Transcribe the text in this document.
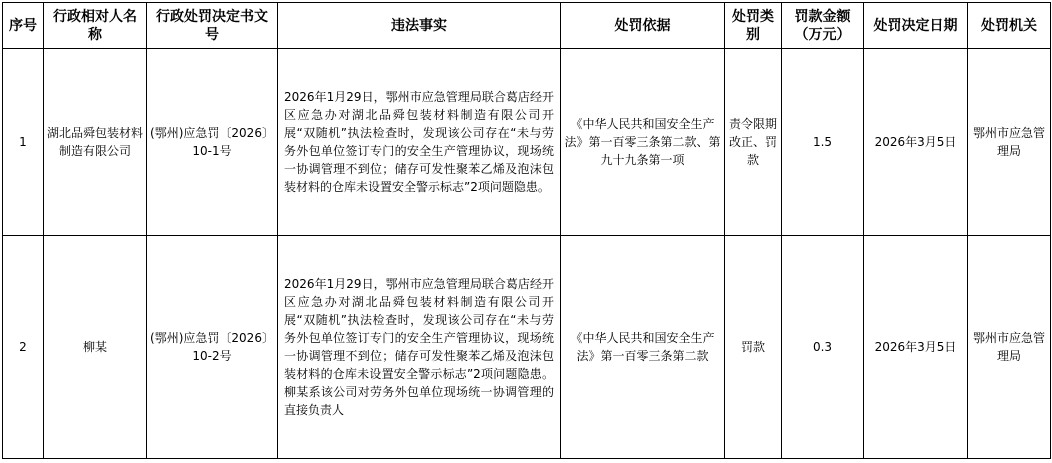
序号	行政相对人名称	行政处罚决定书文号	违法事实	处罚依据	处罚类别	罚款金额（万元）	处罚决定日期	处罚机关
1	湖北品舜包装材料制造有限公司	(鄂州)应急罚〔2026〕10-1号	2026年1月29日，鄂州市应急管理局联合葛店经开区应急办对湖北品舜包装材料制造有限公司开展“双随机”执法检查时，发现该公司存在“未与劳务外包单位签订专门的安全生产管理协议，现场统一协调管理不到位；储存可发性聚苯乙烯及泡沫包装材料的仓库未设置安全警示标志”2项问题隐患。	《中华人民共和国安全生产法》第一百零三条第二款、第九十九条第一项	责令限期改正、罚款	1.5	2026年3月5日	鄂州市应急管理局
2	柳某	(鄂州)应急罚〔2026〕10-2号	2026年1月29日，鄂州市应急管理局联合葛店经开区应急办对湖北品舜包装材料制造有限公司开展“双随机”执法检查时，发现该公司存在“未与劳务外包单位签订专门的安全生产管理协议，现场统一协调管理不到位；储存可发性聚苯乙烯及泡沫包装材料的仓库未设置安全警示标志”2项问题隐患。柳某系该公司对劳务外包单位现场统一协调管理的直接负责人	《中华人民共和国安全生产法》第一百零三条第二款	罚款	0.3	2026年3月5日	鄂州市应急管理局
